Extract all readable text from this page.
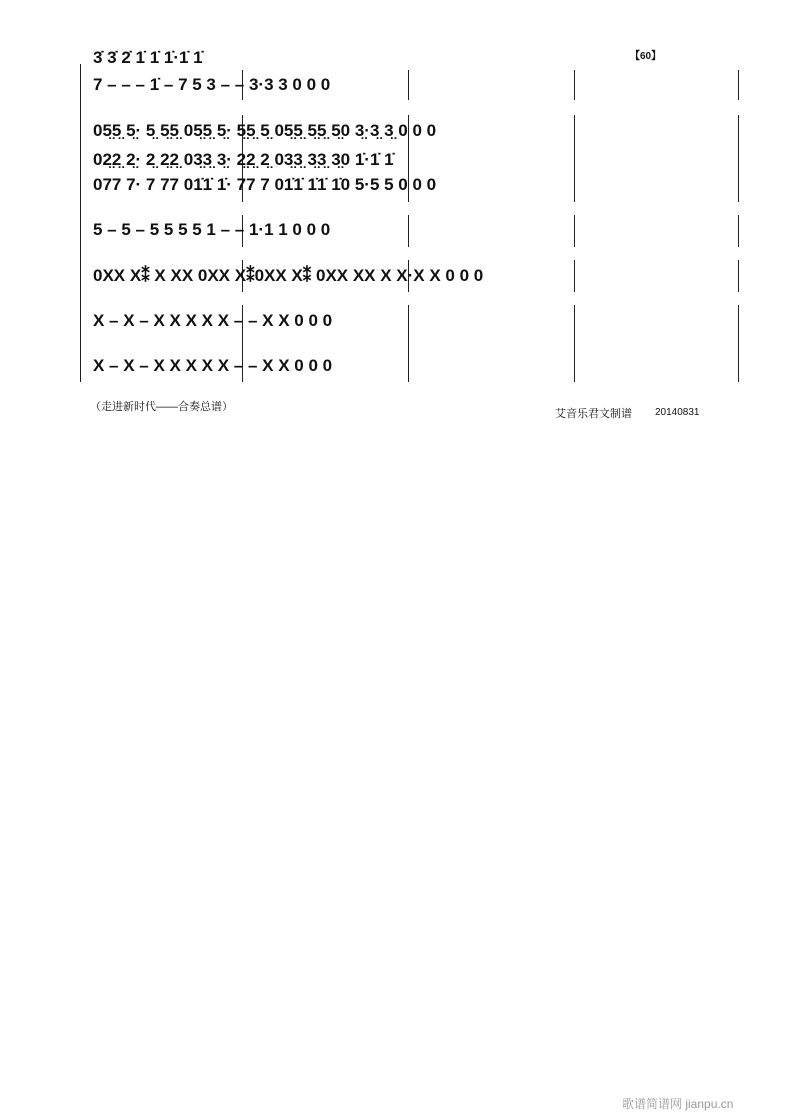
【60】
3̇ 3̇ 2̇ 1̇ 1̇ 1̇·1̇ 1̇
7 – – – 1̇ – 7 5 3 – – 3·3 3 0 0 0
05̤5̤ 5̤· 5̤ 5̤5̤ 05̤5̤ 5̤· 5̤5̤ 5̤ 05̤5̤ 5̤5̤ 5̤0 3̤·3̤ 3̤ 0 0 0
02̤2̤ 2̤· 2̤ 2̤2̤ 03̤3̤ 3̤· 2̤2̤ 2̤ 03̤3̤ 3̤3̤ 3̤0 1̇·1̇ 1̇
077 7· 7 77 01̇1̇ 1̇· 77 7 01̇1̇ 1̇1̇ 1̇0 5·5 5 0 0 0
5 – 5 – 5 5 5 5 1 – – 1·1 1 0 0 0
0XX X⁑ X XX 0XX X⁑0XX X⁑ 0XX XX X X·X X 0 0 0
X – X – X X X X X – – X X 0 0 0
X – X – X X X X X – – X X 0 0 0
（走进新时代——合奏总谱）
艾音乐君文制谱 20140831
歌谱简谱网 jianpu.cn
